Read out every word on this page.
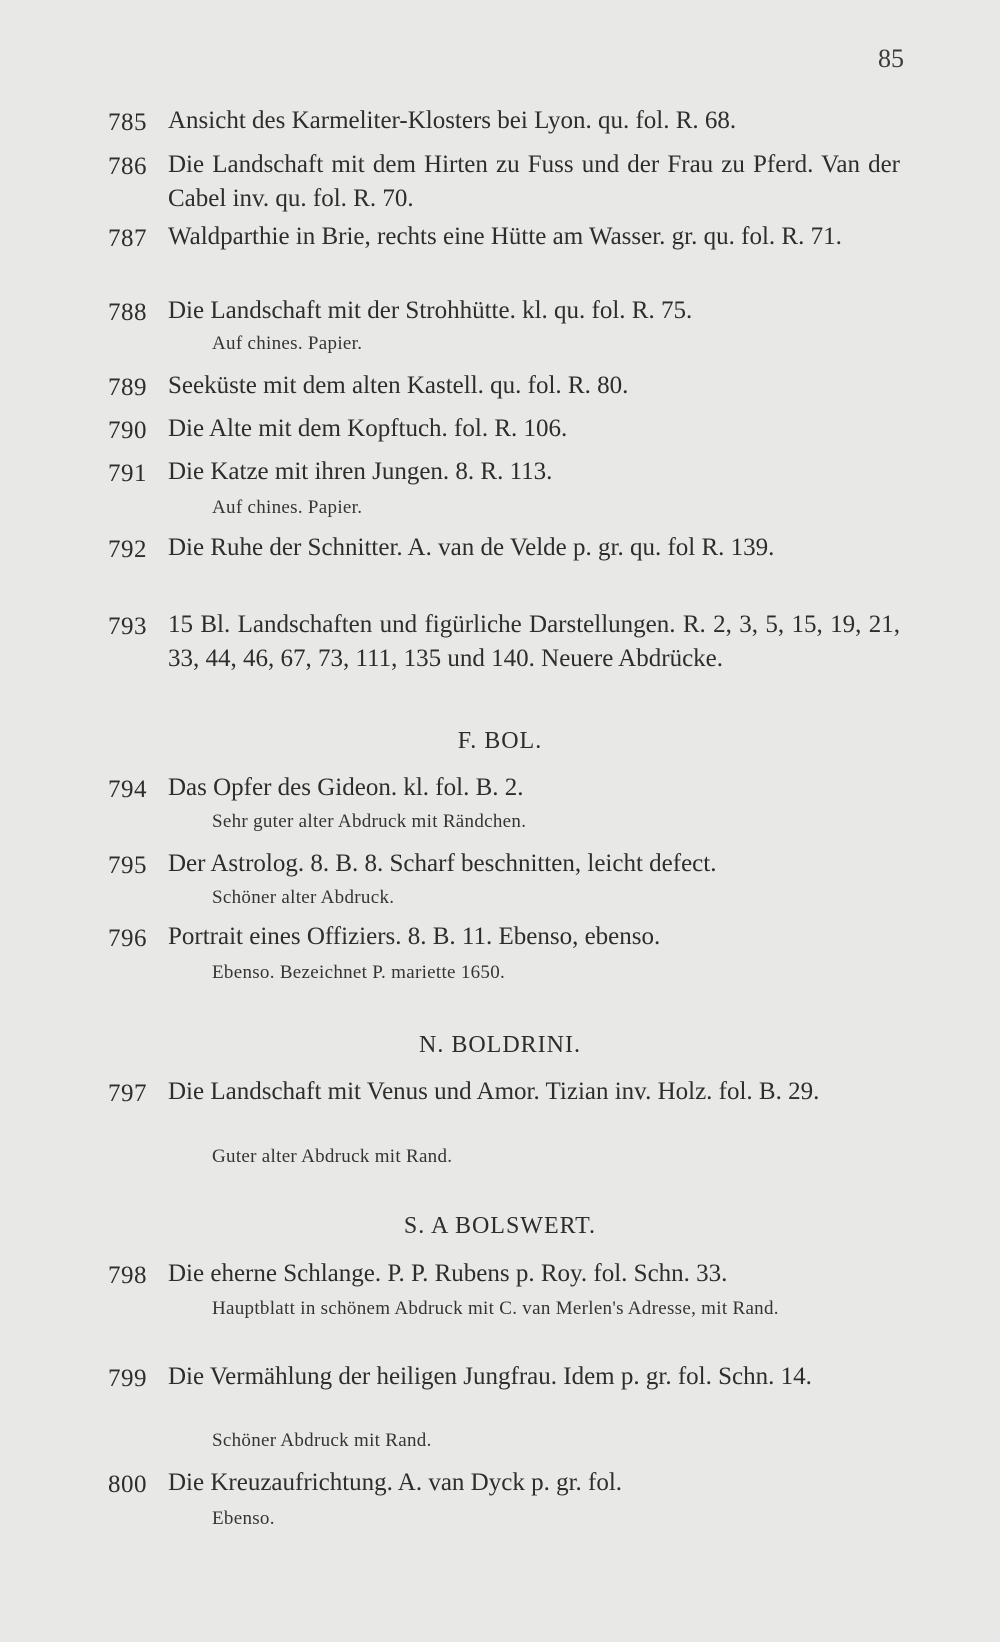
85
785 Ansicht des Karmeliter-Klosters bei Lyon. qu. fol. R. 68.
786 Die Landschaft mit dem Hirten zu Fuss und der Frau zu Pferd. Van der Cabel inv. qu. fol. R. 70.
787 Waldparthie in Brie, rechts eine Hütte am Wasser. gr. qu. fol. R. 71.
788 Die Landschaft mit der Strohhütte. kl. qu. fol. R. 75.
Auf chines. Papier.
789 Seeküste mit dem alten Kastell. qu. fol. R. 80.
790 Die Alte mit dem Kopftuch. fol. R. 106.
791 Die Katze mit ihren Jungen. 8. R. 113.
Auf chines. Papier.
792 Die Ruhe der Schnitter. A. van de Velde p. gr. qu. fol R. 139.
793 15 Bl. Landschaften und figürliche Darstellungen. R. 2, 3, 5, 15, 19, 21, 33, 44, 46, 67, 73, 111, 135 und 140. Neuere Abdrücke.
F. BOL.
794 Das Opfer des Gideon. kl. fol. B. 2.
Sehr guter alter Abdruck mit Rändchen.
795 Der Astrolog. 8. B. 8. Scharf beschnitten, leicht defect.
Schöner alter Abdruck.
796 Portrait eines Offiziers. 8. B. 11. Ebenso, ebenso.
Ebenso. Bezeichnet P. mariette 1650.
N. BOLDRINI.
797 Die Landschaft mit Venus und Amor. Tizian inv. Holz. fol. B. 29.
Guter alter Abdruck mit Rand.
S. A BOLSWERT.
798 Die eherne Schlange. P. P. Rubens p. Roy. fol. Schn. 33.
Hauptblatt in schönem Abdruck mit C. van Merlen's Adresse, mit Rand.
799 Die Vermählung der heiligen Jungfrau. Idem p. gr. fol. Schn. 14.
Schöner Abdruck mit Rand.
800 Die Kreuzaufrichtung. A. van Dyck p. gr. fol.
Ebenso.
